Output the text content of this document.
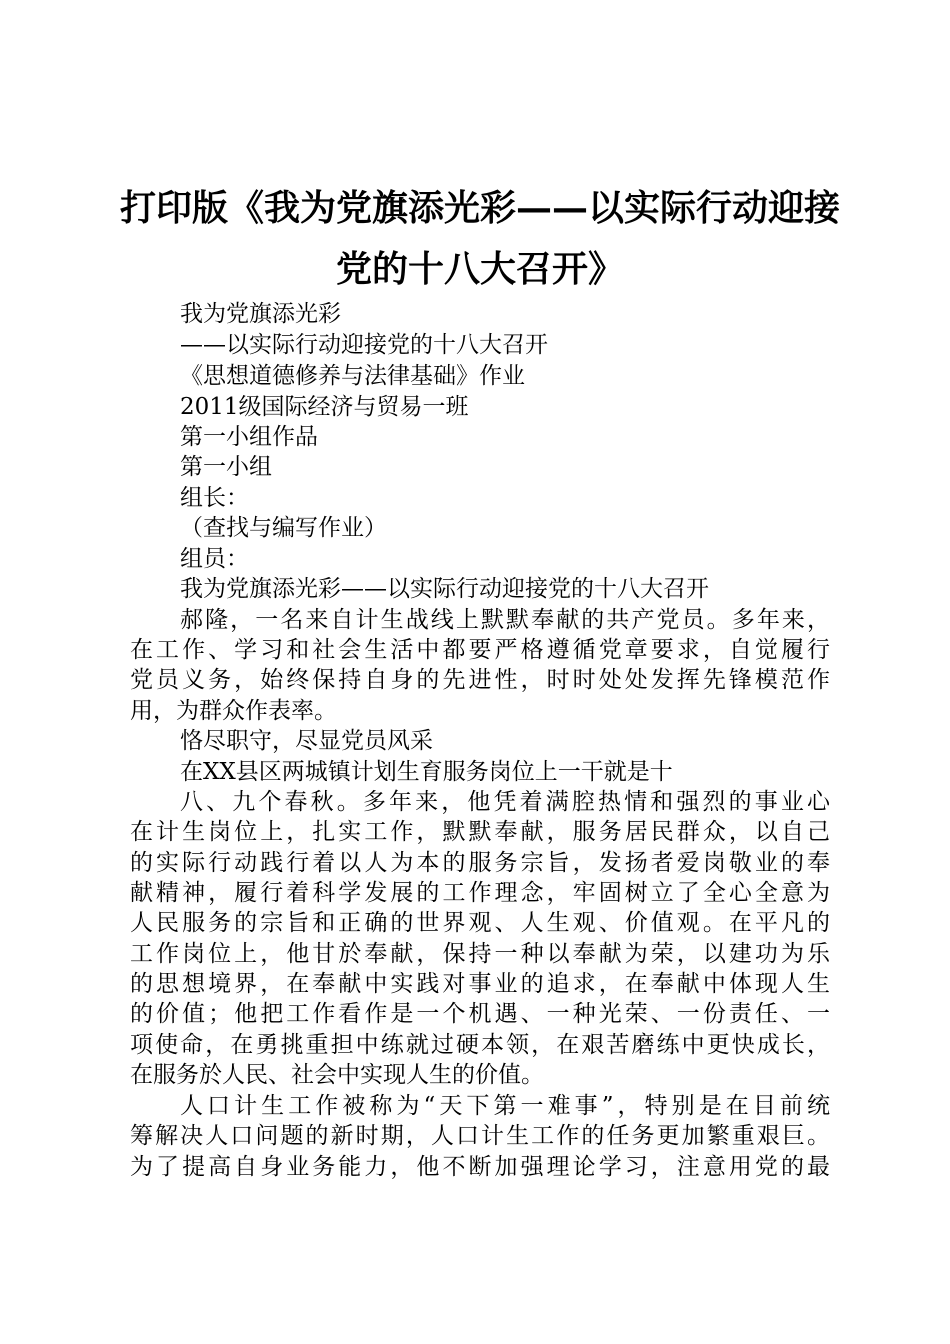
打印版《我为党旗添光彩——以实际行动迎接
党的十八大召开》

我为党旗添光彩

——以实际行动迎接党的十八大召开

《思想道德修养与法律基础》作业

2011级国际经济与贸易一班

第一小组作品

第一小组

组长：

（查找与编写作业）

组员：

我为党旗添光彩——以实际行动迎接党的十八大召开

郝隆，一名来自计生战线上默默奉献的共产党员。多年来，

在工作、学习和社会生活中都要严格遵循党章要求，自觉履行

党员义务，始终保持自身的先进性，时时处处发挥先锋模范作

用，为群众作表率。

恪尽职守，尽显党员风采

在XX县区两城镇计划生育服务岗位上一干就是十

八、九个春秋。多年来，他凭着满腔热情和强烈的事业心

在计生岗位上，扎实工作，默默奉献，服务居民群众，以自己

的实际行动践行着以人为本的服务宗旨，发扬者爱岗敬业的奉

献精神，履行着科学发展的工作理念，牢固树立了全心全意为

人民服务的宗旨和正确的世界观、人生观、价值观。在平凡的

工作岗位上，他甘於奉献，保持一种以奉献为荣，以建功为乐

的思想境界，在奉献中实践对事业的追求，在奉献中体现人生

的价值；他把工作看作是一个机遇、一种光荣、一份责任、一

项使命，在勇挑重担中练就过硬本领，在艰苦磨练中更快成长，

在服务於人民、社会中实现人生的价值。

人口计生工作被称为“天下第一难事”，特别是在目前统

筹解决人口问题的新时期，人口计生工作的任务更加繁重艰巨。

为了提高自身业务能力，他不断加强理论学习，注意用党的最
